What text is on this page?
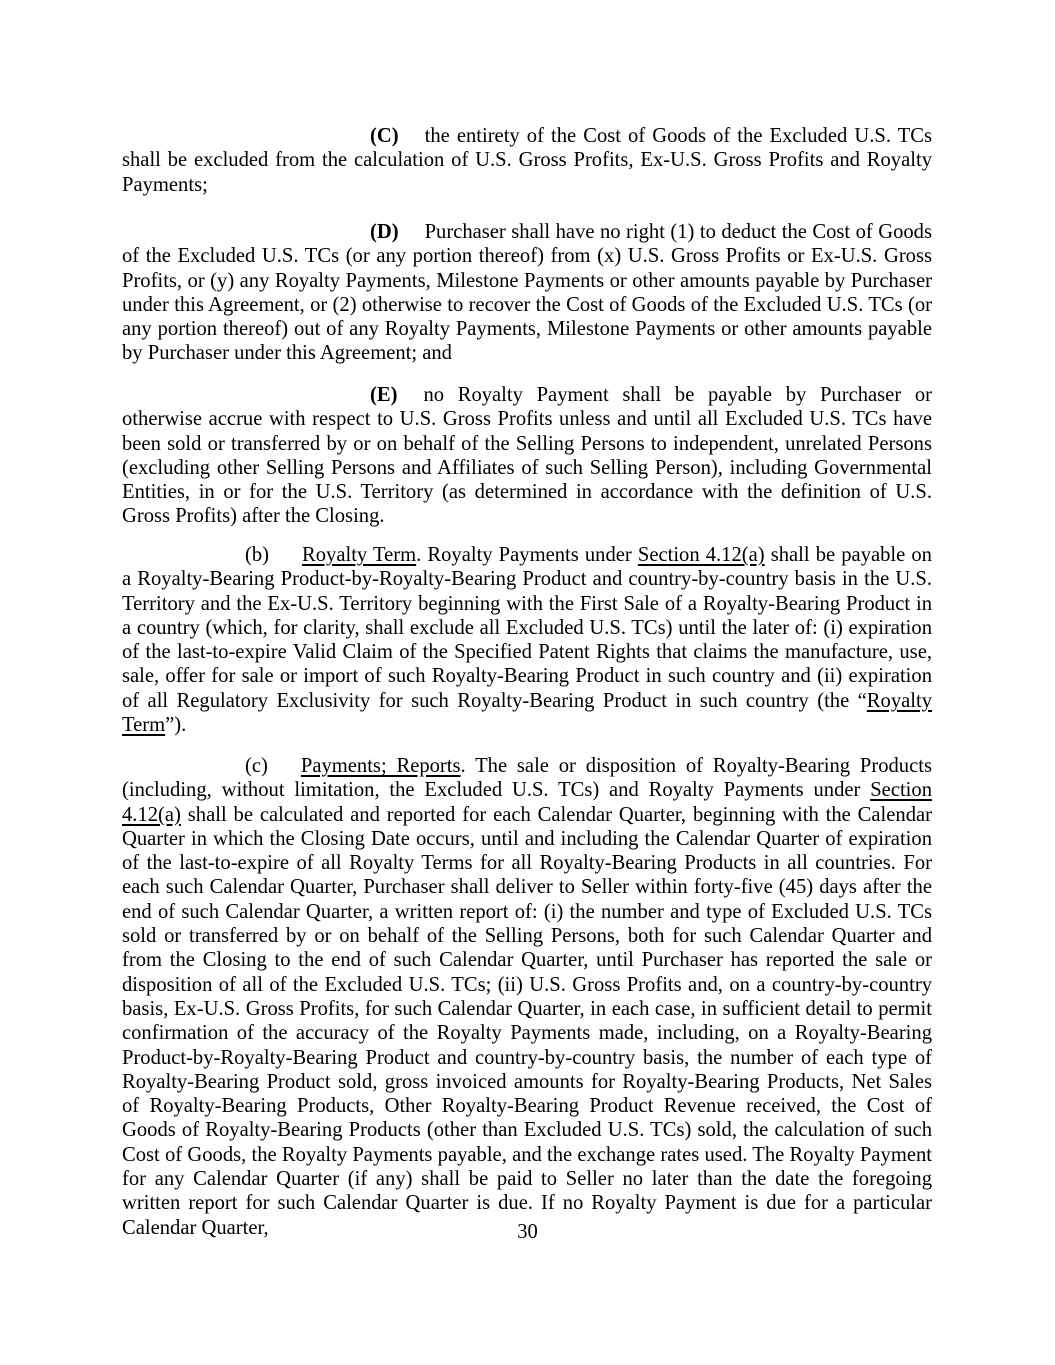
(C) the entirety of the Cost of Goods of the Excluded U.S. TCs shall be excluded from the calculation of U.S. Gross Profits, Ex-U.S. Gross Profits and Royalty Payments;

(D) Purchaser shall have no right (1) to deduct the Cost of Goods of the Excluded U.S. TCs (or any portion thereof) from (x) U.S. Gross Profits or Ex-U.S. Gross Profits, or (y) any Royalty Payments, Milestone Payments or other amounts payable by Purchaser under this Agreement, or (2) otherwise to recover the Cost of Goods of the Excluded U.S. TCs (or any portion thereof) out of any Royalty Payments, Milestone Payments or other amounts payable by Purchaser under this Agreement; and

(E) no Royalty Payment shall be payable by Purchaser or otherwise accrue with respect to U.S. Gross Profits unless and until all Excluded U.S. TCs have been sold or transferred by or on behalf of the Selling Persons to independent, unrelated Persons (excluding other Selling Persons and Affiliates of such Selling Person), including Governmental Entities, in or for the U.S. Territory (as determined in accordance with the definition of U.S. Gross Profits) after the Closing.

(b) Royalty Term. Royalty Payments under Section 4.12(a) shall be payable on a Royalty-Bearing Product-by-Royalty-Bearing Product and country-by-country basis in the U.S. Territory and the Ex-U.S. Territory beginning with the First Sale of a Royalty-Bearing Product in a country (which, for clarity, shall exclude all Excluded U.S. TCs) until the later of: (i) expiration of the last-to-expire Valid Claim of the Specified Patent Rights that claims the manufacture, use, sale, offer for sale or import of such Royalty-Bearing Product in such country and (ii) expiration of all Regulatory Exclusivity for such Royalty-Bearing Product in such country (the “Royalty Term”).

(c) Payments; Reports. The sale or disposition of Royalty-Bearing Products (including, without limitation, the Excluded U.S. TCs) and Royalty Payments under Section 4.12(a) shall be calculated and reported for each Calendar Quarter, beginning with the Calendar Quarter in which the Closing Date occurs, until and including the Calendar Quarter of expiration of the last-to-expire of all Royalty Terms for all Royalty-Bearing Products in all countries. For each such Calendar Quarter, Purchaser shall deliver to Seller within forty-five (45) days after the end of such Calendar Quarter, a written report of: (i) the number and type of Excluded U.S. TCs sold or transferred by or on behalf of the Selling Persons, both for such Calendar Quarter and from the Closing to the end of such Calendar Quarter, until Purchaser has reported the sale or disposition of all of the Excluded U.S. TCs; (ii) U.S. Gross Profits and, on a country-by-country basis, Ex-U.S. Gross Profits, for such Calendar Quarter, in each case, in sufficient detail to permit confirmation of the accuracy of the Royalty Payments made, including, on a Royalty-Bearing Product-by-Royalty-Bearing Product and country-by-country basis, the number of each type of Royalty-Bearing Product sold, gross invoiced amounts for Royalty-Bearing Products, Net Sales of Royalty-Bearing Products, Other Royalty-Bearing Product Revenue received, the Cost of Goods of Royalty-Bearing Products (other than Excluded U.S. TCs) sold, the calculation of such Cost of Goods, the Royalty Payments payable, and the exchange rates used. The Royalty Payment for any Calendar Quarter (if any) shall be paid to Seller no later than the date the foregoing written report for such Calendar Quarter is due. If no Royalty Payment is due for a particular Calendar Quarter,	30
